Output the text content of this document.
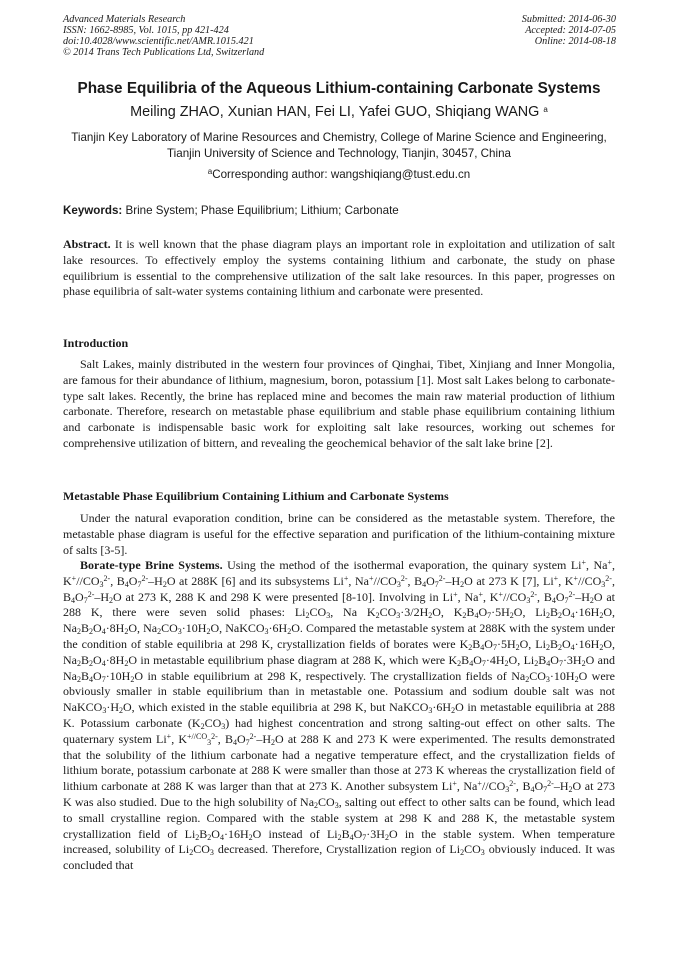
Advanced Materials Research
ISSN: 1662-8985, Vol. 1015, pp 421-424
doi:10.4028/www.scientific.net/AMR.1015.421
© 2014 Trans Tech Publications Ltd, Switzerland
Submitted: 2014-06-30
Accepted: 2014-07-05
Online: 2014-08-18
Phase Equilibria of the Aqueous Lithium-containing Carbonate Systems
Meiling ZHAO, Xunian HAN, Fei LI, Yafei GUO, Shiqiang WANG $^a$
Tianjin Key Laboratory of Marine Resources and Chemistry, College of Marine Science and Engineering, Tianjin University of Science and Technology, Tianjin, 30457, China
$^a$Corresponding author: wangshiqiang@tust.edu.cn
Keywords: Brine System; Phase Equilibrium; Lithium; Carbonate

Abstract. It is well known that the phase diagram plays an important role in exploitation and utilization of salt lake resources. To effectively employ the systems containing lithium and carbonate, the study on phase equilibrium is essential to the comprehensive utilization of the salt lake resources. In this paper, progresses on phase equilibria of salt-water systems containing lithium and carbonate were presented.

Introduction

Salt Lakes, mainly distributed in the western four provinces of Qinghai, Tibet, Xinjiang and Inner Mongolia, are famous for their abundance of lithium, magnesium, boron, potassium [1]. Most salt Lakes belong to carbonate-type salt lakes. Recently, the brine has replaced mine and becomes the main raw material production of lithium carbonate. Therefore, research on metastable phase equilibrium and stable phase equilibrium containing lithium and carbonate is indispensable basic work for exploiting salt lake resources, working out schemes for comprehensive utilization of bittern, and revealing the geochemical behavior of the salt lake brine [2].

Metastable Phase Equilibrium Containing Lithium and Carbonate Systems

Under the natural evaporation condition, brine can be considered as the metastable system. Therefore, the metastable phase diagram is useful for the effective separation and purification of the lithium-containing mixture of salts [3-5].

Borate-type Brine Systems. Using the method of the isothermal evaporation, the quinary system Li+, Na+, $K^+//CO_3^{2-}$, $B_4O_7^{2-}-H_2O$ at 288K [6] and its subsystems Li+, $Na^+//CO_3^{2-}$, $B_4O_7^{2-}-H_2O$ at 273 K [7], Li+, $K^+//CO_3^{2-}$, $B_4O_7^{2-}-H_2O$ at 273 K, 288 K and 298 K were presented [8-10]. Involving in Li+, Na+, $K^+//CO_3^{2-}$, $B_4O_7^{2-}-H_2O$ at 288 K, there were seven solid phases: $Li_2CO_3$, Na $K_2CO_3\cdot 3/2H_2O$, $K_2B_4O_7\cdot 5H_2O$, $Li_2B_2O_4\cdot 16H_2O$, $Na_2B_2O_4\cdot 8H_2O$, $Na_2CO_3\cdot 10H_2O$, $NaKCO_3\cdot 6H_2O$. Compared the metastable system at 288K with the system under the condition of stable equilibria at 298 K, crystallization fields of borates were $K_2B_4O_7\cdot 5H_2O$, $Li_2B_2O_4\cdot 16H_2O$, $Na_2B_2O_4\cdot 8H_2O$ in metastable equilibrium phase diagram at 288 K, which were $K_2B_4O_7\cdot 4H_2O$, $Li_2B_4O_7\cdot 3H_2O$ and $Na_2B_4O_7\cdot 10H_2O$ in stable equilibrium at 298 K, respectively. The crystallization fields of $Na_2CO_3\cdot 10H_2O$ were obviously smaller in stable equilibrium than in metastable one. Potassium and sodium double salt was not $NaKCO_3\cdot H_2O$, which existed in the stable equilibria at 298 K, but $NaKCO_3\cdot 6H_2O$ in metastable equilibria at 288 K. Potassium carbonate $(K_2CO_3)$ had highest concentration and strong salting-out effect on other salts. The quaternary system Li+, $K^{+//CO}_3^{2-}$, $B_4O_7^{2-}-H_2O$ at 288 K and 273 K were experimented. The results demonstrated that the solubility of the lithium carbonate had a negative temperature effect, and the crystallization fields of lithium borate, potassium carbonate at 288 K were smaller than those at 273 K whereas the crystallization field of lithium carbonate at 288 K was larger than that at 273 K. Another subsystem Li+, $Na^+//CO_3^{2-}$, $B_4O_7^{2-}-H_2O$ at 273 K was also studied. Due to the high solubility of $Na_2CO_3$, salting out effect to other salts can be found, which lead to small crystalline region. Compared with the stable system at 298 K and 288 K, the metastable system crystallization field of $Li_2B_2O_4\cdot 16H_2O$ instead of $Li_2B_4O_7\cdot 3H_2O$ in the stable system. When temperature increased, solubility of $Li_2CO_3$ decreased. Therefore, Crystallization region of $Li_2CO_3$ obviously induced. It was concluded that
